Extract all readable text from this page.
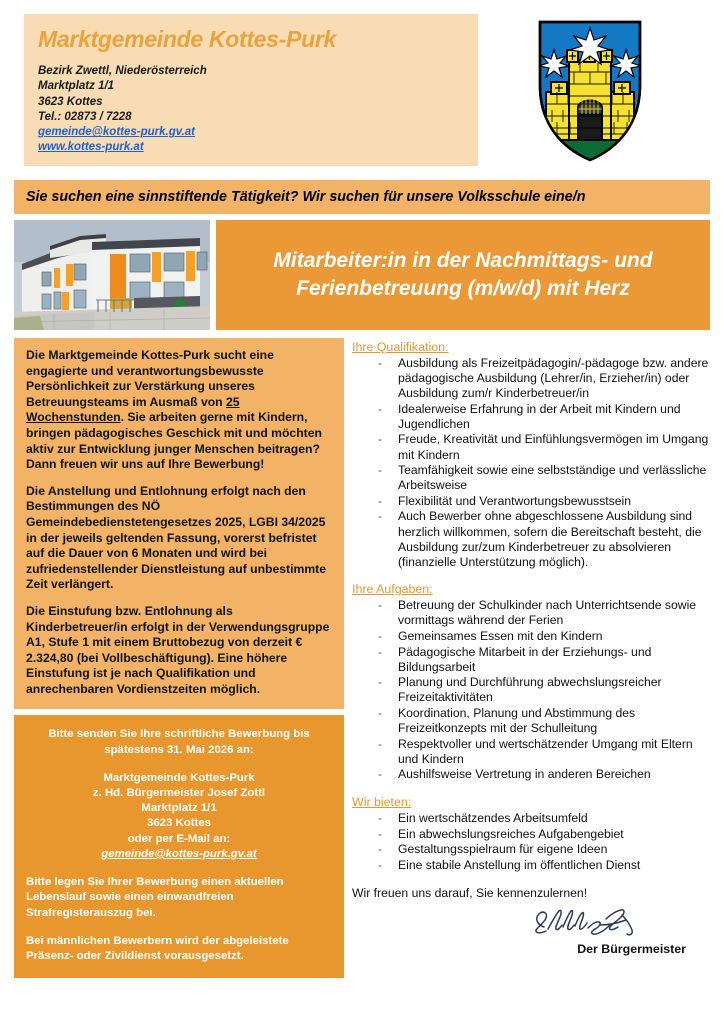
Marktgemeinde Kottes-Purk
Bezirk Zwettl, Niederösterreich
Marktplatz 1/1
3623 Kottes
Tel.: 02873 / 7228
gemeinde@kottes-purk.gv.at
www.kottes-purk.at
Sie suchen eine sinnstiftende Tätigkeit? Wir suchen für unsere Volksschule eine/n
Mitarbeiter:in in der Nachmittags- und
Ferienbetreuung (m/w/d) mit Herz

Die Marktgemeinde Kottes-Purk sucht eine engagierte und verantwortungsbewusste Persönlichkeit zur Verstärkung unseres Betreuungsteams im Ausmaß von 25 Wochenstunden. Sie arbeiten gerne mit Kindern, bringen pädagogisches Geschick mit und möchten aktiv zur Entwicklung junger Menschen beitragen? Dann freuen wir uns auf Ihre Bewerbung!

Die Anstellung und Entlohnung erfolgt nach den Bestimmungen des NÖ Gemeindebedienstetengesetzes 2025, LGBI 34/2025 in der jeweils geltenden Fassung, vorerst befristet auf die Dauer von 6 Monaten und wird bei zufriedenstellender Dienstleistung auf unbestimmte Zeit verlängert.

Die Einstufung bzw. Entlohnung als Kinderbetreuer/in erfolgt in der Verwendungsgruppe A1, Stufe 1 mit einem Bruttobezug von derzeit € 2.324,80 (bei Vollbeschäftigung). Eine höhere Einstufung ist je nach Qualifikation und anrechenbaren Vordienstzeiten möglich.

Bitte senden Sie Ihre schriftliche Bewerbung bis spätestens 31. Mai 2026 an:

Marktgemeinde Kottes-Purk

z. Hd. Bürgermeister Josef Zottl

Marktplatz 1/1

3623 Kottes

oder per E-Mail an:

gemeinde@kottes-purk.gv.at

Bitte legen Sie Ihrer Bewerbung einen aktuellen Lebenslauf sowie einen einwandfreien Strafregisterauszug bei.

Bei männlichen Bewerbern wird der abgeleistete Präsenz- oder Zivildienst vorausgesetzt.

Ihre Qualifikation:
- Ausbildung als Freizeitpädagogin/-pädagoge bzw. andere pädagogische Ausbildung (Lehrer/in, Erzieher/in) oder Ausbildung zum/r Kinderbetreuer/in
- Idealerweise Erfahrung in der Arbeit mit Kindern und Jugendlichen
- Freude, Kreativität und Einfühlungsvermögen im Umgang mit Kindern
- Teamfähigkeit sowie eine selbstständige und verlässliche Arbeitsweise
- Flexibilität und Verantwortungsbewusstsein
- Auch Bewerber ohne abgeschlossene Ausbildung sind herzlich willkommen, sofern die Bereitschaft besteht, die Ausbildung zur/zum Kinderbetreuer zu absolvieren (finanzielle Unterstützung möglich).
Ihre Aufgaben:
- Betreuung der Schulkinder nach Unterrichtsende sowie vormittags während der Ferien
- Gemeinsames Essen mit den Kindern
- Pädagogische Mitarbeit in der Erziehungs- und Bildungsarbeit
- Planung und Durchführung abwechslungsreicher Freizeitaktivitäten
- Koordination, Planung und Abstimmung des Freizeitkonzepts mit der Schulleitung
- Respektvoller und wertschätzender Umgang mit Eltern und Kindern
- Aushilfsweise Vertretung in anderen Bereichen
Wir bieten:
- Ein wertschätzendes Arbeitsumfeld
- Ein abwechslungsreiches Aufgabengebiet
- Gestaltungsspielraum für eigene Ideen
- Eine stabile Anstellung im öffentlichen Dienst
Wir freuen uns darauf, Sie kennenzulernen!
Der Bürgermeister
